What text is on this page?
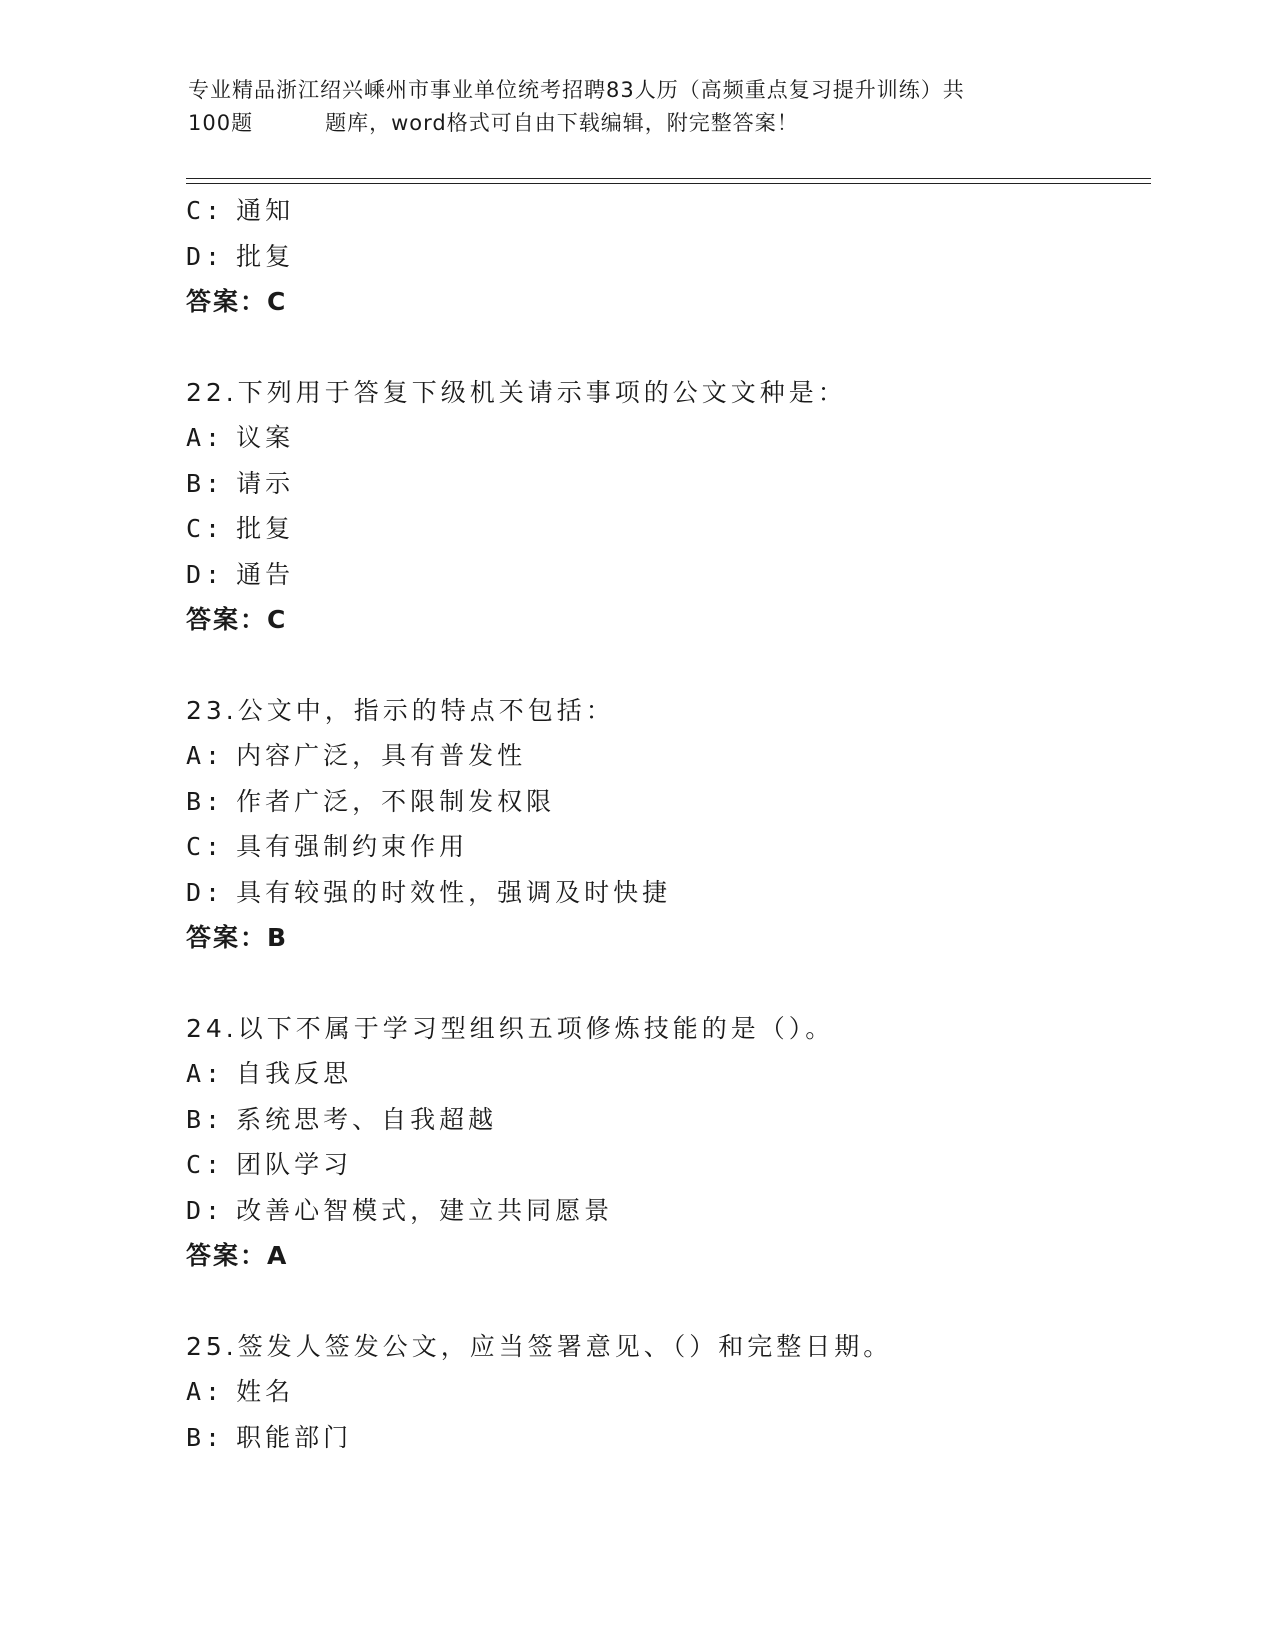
专业精品浙江绍兴嵊州市事业单位统考招聘83人历（高频重点复习提升训练）共
100题	题库，word格式可自由下载编辑，附完整答案！
C: 通知
D: 批复
答案：C
22.下列用于答复下级机关请示事项的公文文种是：
A: 议案
B: 请示
C: 批复
D: 通告
答案：C
23.公文中，指示的特点不包括：
A: 内容广泛，具有普发性
B: 作者广泛，不限制发权限
C: 具有强制约束作用
D: 具有较强的时效性，强调及时快捷
答案：B
24.以下不属于学习型组织五项修炼技能的是（）。
A: 自我反思
B: 系统思考、自我超越
C: 团队学习
D: 改善心智模式，建立共同愿景
答案：A
25.签发人签发公文，应当签署意见、（）和完整日期。
A: 姓名
B: 职能部门
